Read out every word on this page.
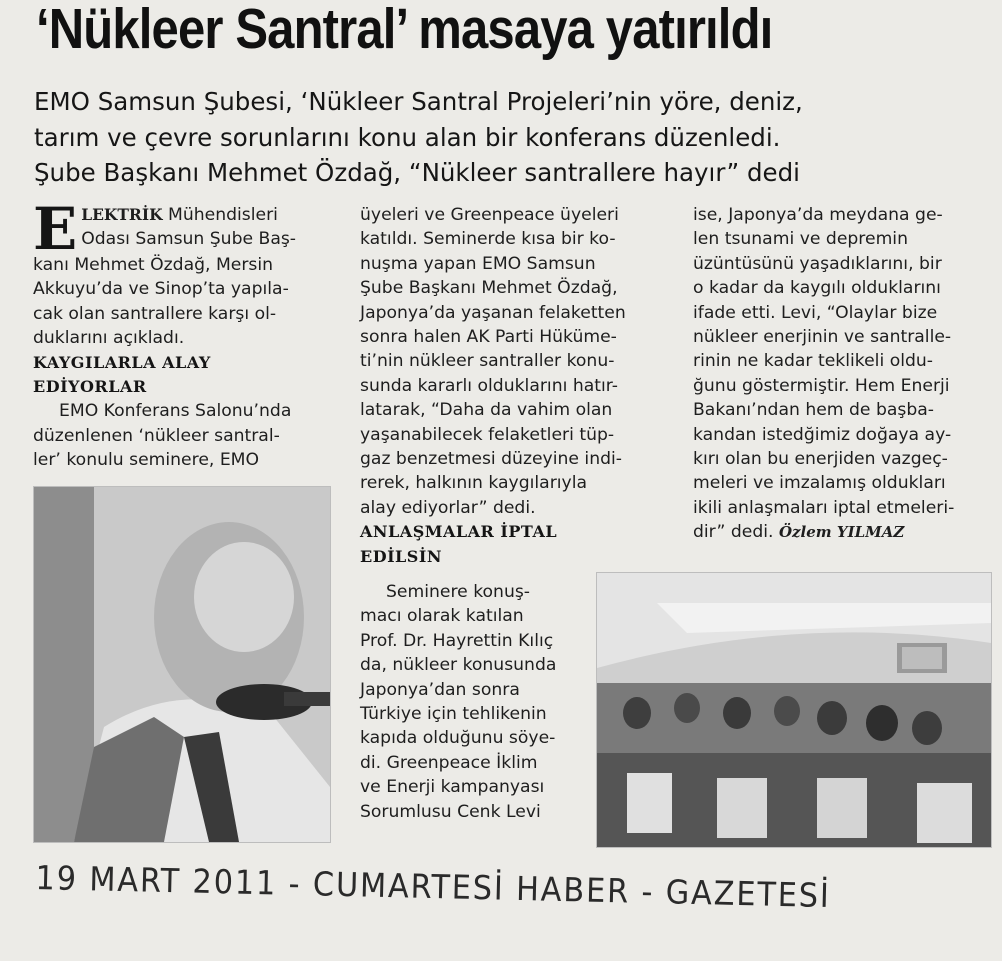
‘Nükleer Santral’ masaya yatırıldı
EMO Samsun Şubesi, ‘Nükleer Santral Projeleri’nin yöre, deniz,
tarım ve çevre sorunlarını konu alan bir konferans düzenledi.
Şube Başkanı Mehmet Özdağ, “Nükleer santrallere hayır” dedi
E LEKTRİK Mühendisleri
Odası Samsun Şube Baş-
kanı Mehmet Özdağ, Mersin
Akkuyu’da ve Sinop’ta yapıla-
cak olan santrallere karşı ol-
duklarını açıkladı.
KAYGILARLA ALAY
EDİYORLAR
EMO Konferans Salonu’nda
düzenlenen ‘nükleer santral-
ler’ konulu seminere, EMO
üyeleri ve Greenpeace üyeleri
katıldı. Seminerde kısa bir ko-
nuşma yapan EMO Samsun
Şube Başkanı Mehmet Özdağ,
Japonya’da yaşanan felaketten
sonra halen AK Parti Hüküme-
ti’nin nükleer santraller konu-
sunda kararlı olduklarını hatır-
latarak, “Daha da vahim olan
yaşanabilecek felaketleri tüp-
gaz benzetmesi düzeyine indi-
rerek, halkının kaygılarıyla
alay ediyorlar” dedi.
ANLAŞMALAR İPTAL
EDİLSİN
Seminere konuş-
macı olarak katılan
Prof. Dr. Hayrettin Kılıç
da, nükleer konusunda
Japonya’dan sonra
Türkiye için tehlikenin
kapıda olduğunu söye-
di. Greenpeace İklim
ve Enerji kampanyası
Sorumlusu Cenk Levi
ise, Japonya’da meydana ge-
len tsunami ve depremin
üzüntüsünü yaşadıklarını, bir
o kadar da kaygılı olduklarını
ifade etti. Levi, “Olaylar bize
nükleer enerjinin ve santralle-
rinin ne kadar teklikeli oldu-
ğunu göstermiştir. Hem Enerji
Bakanı’ndan hem de başba-
kandan istedğimiz doğaya ay-
kırı olan bu enerjiden vazgeç-
meleri ve imzalamış oldukları
ikili anlaşmaları iptal etmeleri-
dir” dedi. Özlem YILMAZ
19 MART 2011 - CUMARTESİ HABER - GAZETESİ
